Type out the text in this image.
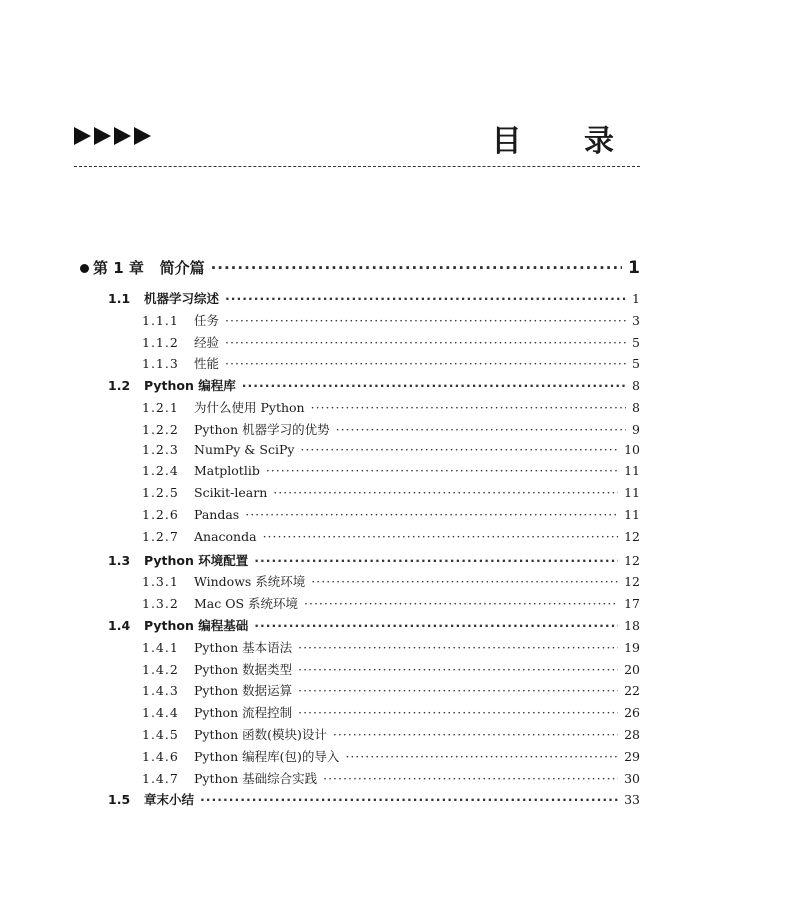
目 录
第 1 章 简介篇 ·····	1
1.1	机器学习综述 ·····	1
1.1.1	任务 ·····	3
1.1.2	经验 ·····	5
1.1.3	性能 ·····	5
1.2	Python 编程库 ·····	8
1.2.1	为什么使用 Python ·····	8
1.2.2	Python 机器学习的优势 ·····	9
1.2.3	NumPy & SciPy ·····	10
1.2.4	Matplotlib ·····	11
1.2.5	Scikit-learn ·····	11
1.2.6	Pandas ·····	11
1.2.7	Anaconda ·····	12
1.3	Python 环境配置 ·····	12
1.3.1	Windows 系统环境 ·····	12
1.3.2	Mac OS 系统环境 ·····	17
1.4	Python 编程基础 ·····	18
1.4.1	Python 基本语法 ·····	19
1.4.2	Python 数据类型 ·····	20
1.4.3	Python 数据运算 ·····	22
1.4.4	Python 流程控制 ·····	26
1.4.5	Python 函数(模块)设计 ·····	28
1.4.6	Python 编程库(包)的导入 ·····	29
1.4.7	Python 基础综合实践 ·····	30
1.5	章末小结 ·····	33
